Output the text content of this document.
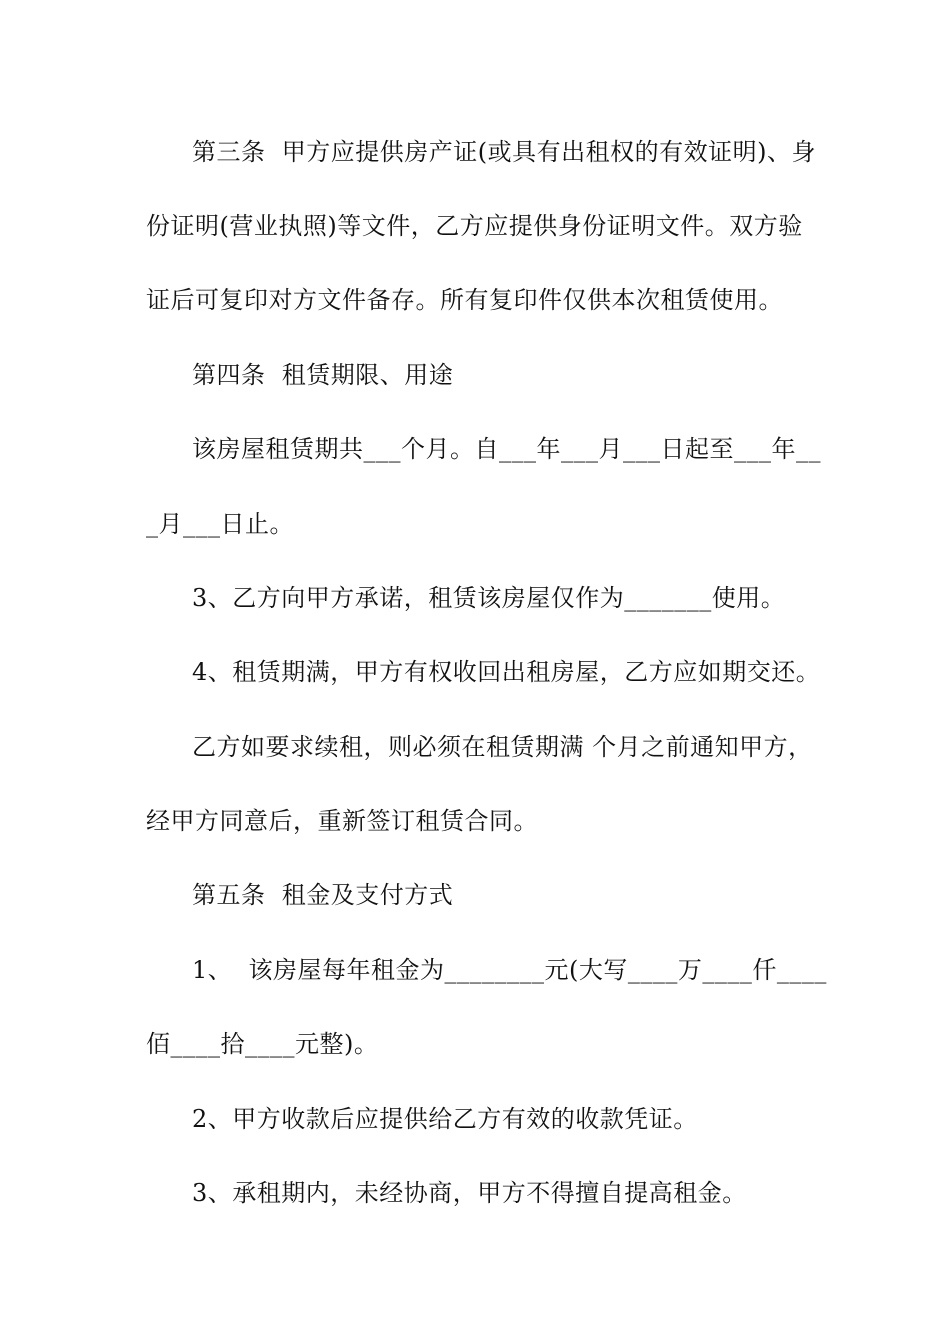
第三条  甲方应提供房产证(或具有出租权的有效证明)、身
份证明(营业执照)等文件，乙方应提供身份证明文件。双方验
证后可复印对方文件备存。所有复印件仅供本次租赁使用。
第四条  租赁期限、用途
该房屋租赁期共___个月。自___年___月___日起至___年__
_月___日止。
3、乙方向甲方承诺，租赁该房屋仅作为_______使用。
4、租赁期满，甲方有权收回出租房屋，乙方应如期交还。
乙方如要求续租，则必须在租赁期满 个月之前通知甲方，
经甲方同意后，重新签订租赁合同。
第五条  租金及支付方式
1、  该房屋每年租金为________元(大写____万____仟____
佰____拾____元整)。
2、甲方收款后应提供给乙方有效的收款凭证。
3、承租期内，未经协商，甲方不得擅自提高租金。
